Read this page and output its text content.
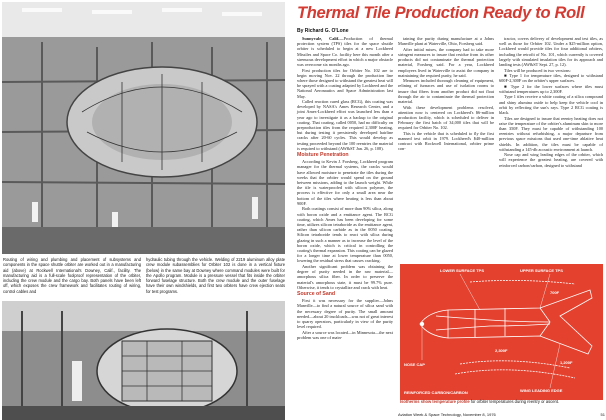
Routing of wiring and plumbing and placement of subsystems and components in the space shuttle orbiter are worked out in a manufacturing aid (above) at Rockwell International's Downey, Calif., facility. The manufacturing aid is a full-scale foolproof representation of the orbiter, including the crew module and the cargo bay. Both panels have been left off, which exposes the crew framework and facilitates routing of wiring, control cables and
hydraulic tubing through the vehicle. Welding of 2219 aluminum alloy plate crew module subassemblies for Orbiter 102 is done in a vertical fixture (below) in the same bay at Downey where command modules were built for the Apollo program. Module is a pressure vessel that fits inside the orbiter forward fuselage structure. Both the crew module and the outer fuselage have their own windshields, and first two orbiters have crew ejection seats for test programs.
Thermal Tile Production Ready to Roll
By Richard G. O'Lone

Sunnyvale, Calif.—Production of thermal protection system (TPS) tiles for the space shuttle orbiter is scheduled to begin at a new Lockheed Missiles and Space Co. facility here this month after a strenuous development effort in which a major obstacle was overcome six months ago.

First production tiles for Orbiter No. 102 are to begin moving Nov. 22 through the production line where those designed to withstand the greatest heat will be sprayed with a coating adapted by Lockheed and the National Aeronautics and Space Administration last May.

Called reaction cured glass (RCG), this coating was developed by NASA's Ames Research Center, and a joint Ames-Lockheed effort was launched less than a year ago to investigate it as a backup to the original coating. That coating, called 0050, had no difficulty on preproduction tiles from the required 2,300F heating, but during testing it persistently developed hairline cracks after 20-60 cycles. This would develop as testing proceeded beyond the 100 reentries the material is required to withstand (AW&ST Jan. 26, p. 108).

Moisture Penetration

According to Kevin J. Forsberg, Lockheed program manager for the thermal systems, the cracks would have allowed moisture to penetrate the tiles during the weeks that the orbiter would spend on the ground between missions, adding to the launch weight. While the tile is waterproofed with silicon polymer, the process is effective for only a small area near the bottom of the tiles where heating is less than about 900F.

Both coatings consist of more than 90% silica, along with boron oxide and a emittance agent. The RCG coating, which Ames has been developing for some time, utilizes silicon tetraboride as the emittance agent, rather than silicon carbide as in the 0050 coating. Silicon tetraboride tends to react with silica during glazing in such a manner as to increase the level of the boron oxide, which is critical in controlling the coating's thermal expansion. This coating can be glazed for a longer time at lower temperature than 0050, lowering the residual stress that causes cracking.

Another significant problem was obtaining the degree of purity needed in the raw material—amorphous silica fiber. In order to preserve the material's amorphous state, it must be 99.7% pure. Otherwise, it tends to crystallize and crack with heat.

Source of Sand

First it was necessary for the supplier—Johns Manville—to find a natural source of silica sand with the necessary degree of purity. The small amount needed—about 20 truckloads—was not of great interest to quarry operators, particularly in view of the purity level required.

After a source was located—in Minnesota—the next problem was one of main-

taining the purity during manufacture at a Johns Manville plant at Waterville, Ohio, Forsberg said.

After initial mixes, the company had to take more stringent measures to insure that residue from its other products did not contaminate the thermal protection material, Forsberg said. For a year, Lockheed employees lived in Waterville to assist the company in maintaining the required purity, he said.

Measures included thorough cleaning of equipment, relining of furnaces and use of isolation rooms to insure that fibers from another product did not float through the air to contaminate the thermal protection material.

With these development problems resolved, attention now is centered on Lockheed's $6-million production facility, which is scheduled to deliver in February the first batch of 34,000 tiles that will be required for Orbiter No. 102.

This is the vehicle that is scheduled to fly the first manned test orbit in 1979. Lockheed's $40-million contract with Rockwell International, orbiter prime con-

tractor, covers delivery of development and test tiles, as well as those for Orbiter 102. Under a $25-million option, Lockheed would provide tiles for four additional orbiters, including the retrofit of No. 101, which currently is covered largely with simulated insulation tiles for its approach and landing tests (AW&ST Sept. 27, p. 12).

Tiles will be produced in two versions:

■ Type 1 for temperature tiles, designed to withstand 600F-2,300F on the orbiter's upper surfaces.

■ Type 2 for the lower surfaces where tiles must withstand temperatures up to 2,300F.

Type 1 tiles receive a white coating of a silica compound and shiny alumina oxide to help keep the vehicle cool in orbit by reflecting the sun's rays. Type 2 RCG coating is black.

Tiles are designed to insure that reentry heating does not raise the temperature of the orbiter's aluminum skin to more than 350F. They must be capable of withstanding 100 reentries without refurbishing, a major departure from previous space missions that used one-time ablative heat shields. In addition, the tiles must be capable of withstanding a 145-db acoustic environment at launch.

Nose cap and wing leading edges of the orbiter, which will experience the greatest heating, are covered with reinforced carbon/carbon, designed to withstand

LOWER SURFACE TPS	UPPER SURFACE TPS
2,300F
1,200F
700F
WING LEADING EDGE
NOSE CAP
REINFORCED CARBON/CARBON
Isotherms show temperature profile for orbiter temperatures during reentry or ascent.
Aviation Week & Space Technology, November 8, 1976	51
